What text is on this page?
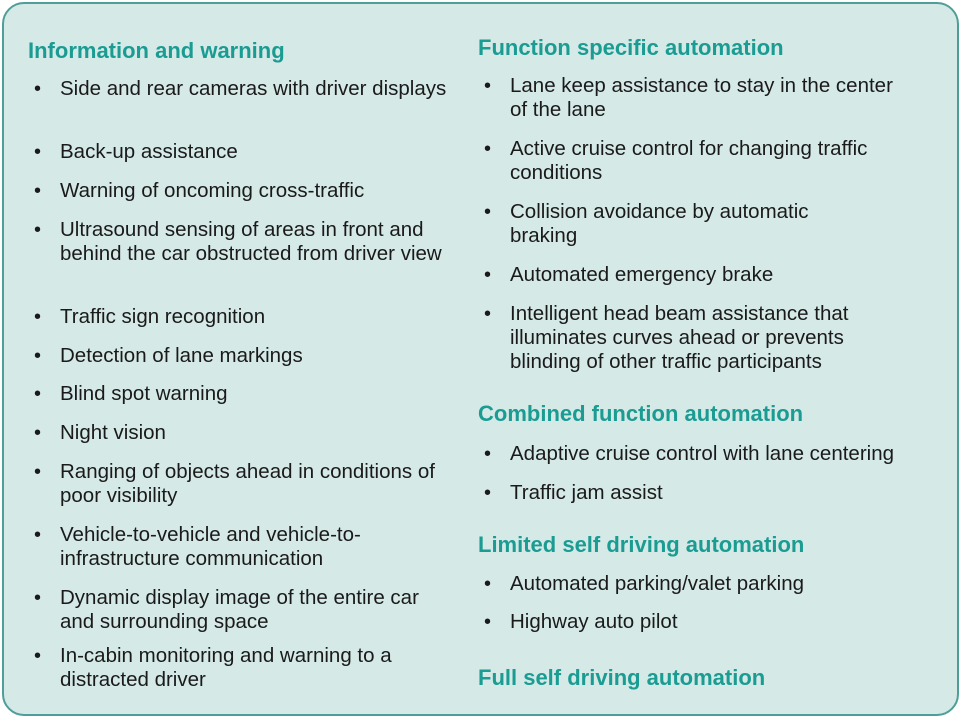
Information and warning
• Side and rear cameras with driver displays
• Back-up assistance
• Warning of oncoming cross-traffic
• Ultrasound sensing of areas in front and behind the car obstructed from driver view
• Traffic sign recognition
• Detection of lane markings
• Blind spot warning
• Night vision
• Ranging of objects ahead in conditions of poor visibility
• Vehicle-to-vehicle and vehicle-to-infrastructure communication
• Dynamic display image of the entire car and surrounding space
• In-cabin monitoring and warning to a distracted driver
Function specific automation
• Lane keep assistance to stay in the center of the lane
• Active cruise control for changing traffic conditions
• Collision avoidance by automatic braking
• Automated emergency brake
• Intelligent head beam assistance that illuminates curves ahead or prevents blinding of other traffic participants
Combined function automation
• Adaptive cruise control with lane centering
• Traffic jam assist
Limited self driving automation
• Automated parking/valet parking
• Highway auto pilot
Full self driving automation
